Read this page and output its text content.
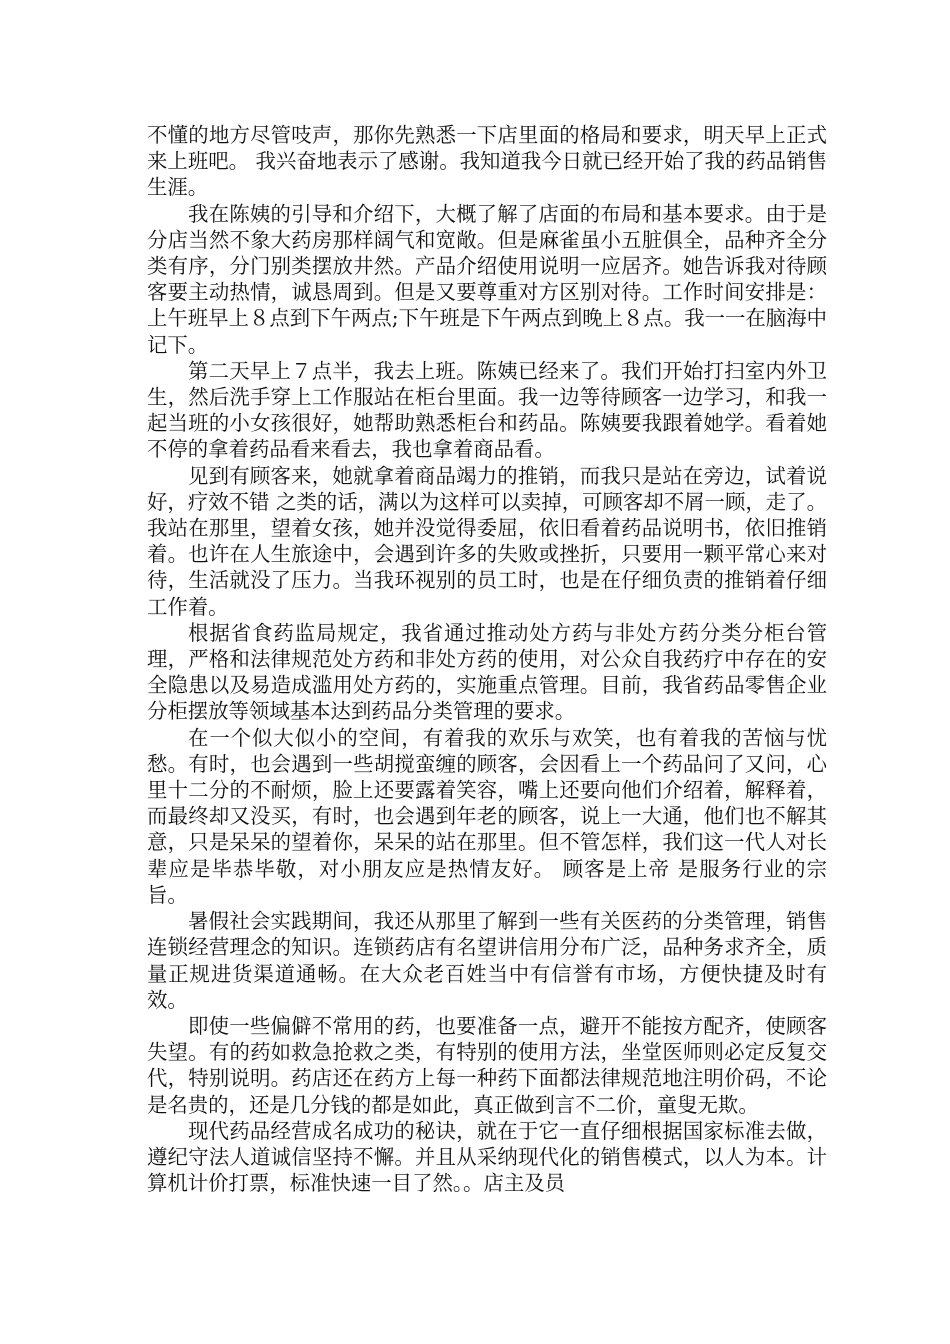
不懂的地方尽管吱声，那你先熟悉一下店里面的格局和要求，明天早上正式来上班吧。 我兴奋地表示了感谢。我知道我今日就已经开始了我的药品销售生涯。

我在陈姨的引导和介绍下，大概了解了店面的布局和基本要求。由于是分店当然不象大药房那样阔气和宽敞。但是麻雀虽小五脏俱全，品种齐全分类有序，分门别类摆放井然。产品介绍使用说明一应居齐。她告诉我对待顾客要主动热情，诚恳周到。但是又要尊重对方区别对待。工作时间安排是：上午班早上８点到下午两点;下午班是下午两点到晚上８点。我一一在脑海中记下。

第二天早上７点半，我去上班。陈姨已经来了。我们开始打扫室内外卫生，然后洗手穿上工作服站在柜台里面。我一边等待顾客一边学习，和我一起当班的小女孩很好，她帮助熟悉柜台和药品。陈姨要我跟着她学。看着她不停的拿着药品看来看去，我也拿着商品看。

见到有顾客来，她就拿着商品竭力的推销，而我只是站在旁边，试着说 好，疗效不错 之类的话，满以为这样可以卖掉，可顾客却不屑一顾，走了。我站在那里，望着女孩，她并没觉得委屈，依旧看着药品说明书，依旧推销着。也许在人生旅途中，会遇到许多的失败或挫折，只要用一颗平常心来对待，生活就没了压力。当我环视别的员工时，也是在仔细负责的推销着仔细工作着。

根据省食药监局规定，我省通过推动处方药与非处方药分类分柜台管理，严格和法律规范处方药和非处方药的使用，对公众自我药疗中存在的安全隐患以及易造成滥用处方药的，实施重点管理。目前，我省药品零售企业分柜摆放等领域基本达到药品分类管理的要求。

在一个似大似小的空间，有着我的欢乐与欢笑，也有着我的苦恼与忧愁。有时，也会遇到一些胡搅蛮缠的顾客，会因看上一个药品问了又问，心里十二分的不耐烦，脸上还要露着笑容，嘴上还要向他们介绍着，解释着，而最终却又没买，有时，也会遇到年老的顾客，说上一大通，他们也不解其意，只是呆呆的望着你，呆呆的站在那里。但不管怎样，我们这一代人对长辈应是毕恭毕敬，对小朋友应是热情友好。 顾客是上帝 是服务行业的宗旨。

暑假社会实践期间，我还从那里了解到一些有关医药的分类管理，销售连锁经营理念的知识。连锁药店有名望讲信用分布广泛，品种务求齐全，质量正规进货渠道通畅。在大众老百姓当中有信誉有市场，方便快捷及时有效。

即使一些偏僻不常用的药，也要准备一点，避开不能按方配齐，使顾客失望。有的药如救急抢救之类，有特别的使用方法，坐堂医师则必定反复交代，特别说明。药店还在药方上每一种药下面都法律规范地注明价码，不论是名贵的，还是几分钱的都是如此，真正做到言不二价，童叟无欺。

现代药品经营成名成功的秘诀，就在于它一直仔细根据国家标准去做，遵纪守法人道诚信坚持不懈。并且从采纳现代化的销售模式，以人为本。计算机计价打票，标准快速一目了然。。店主及员
